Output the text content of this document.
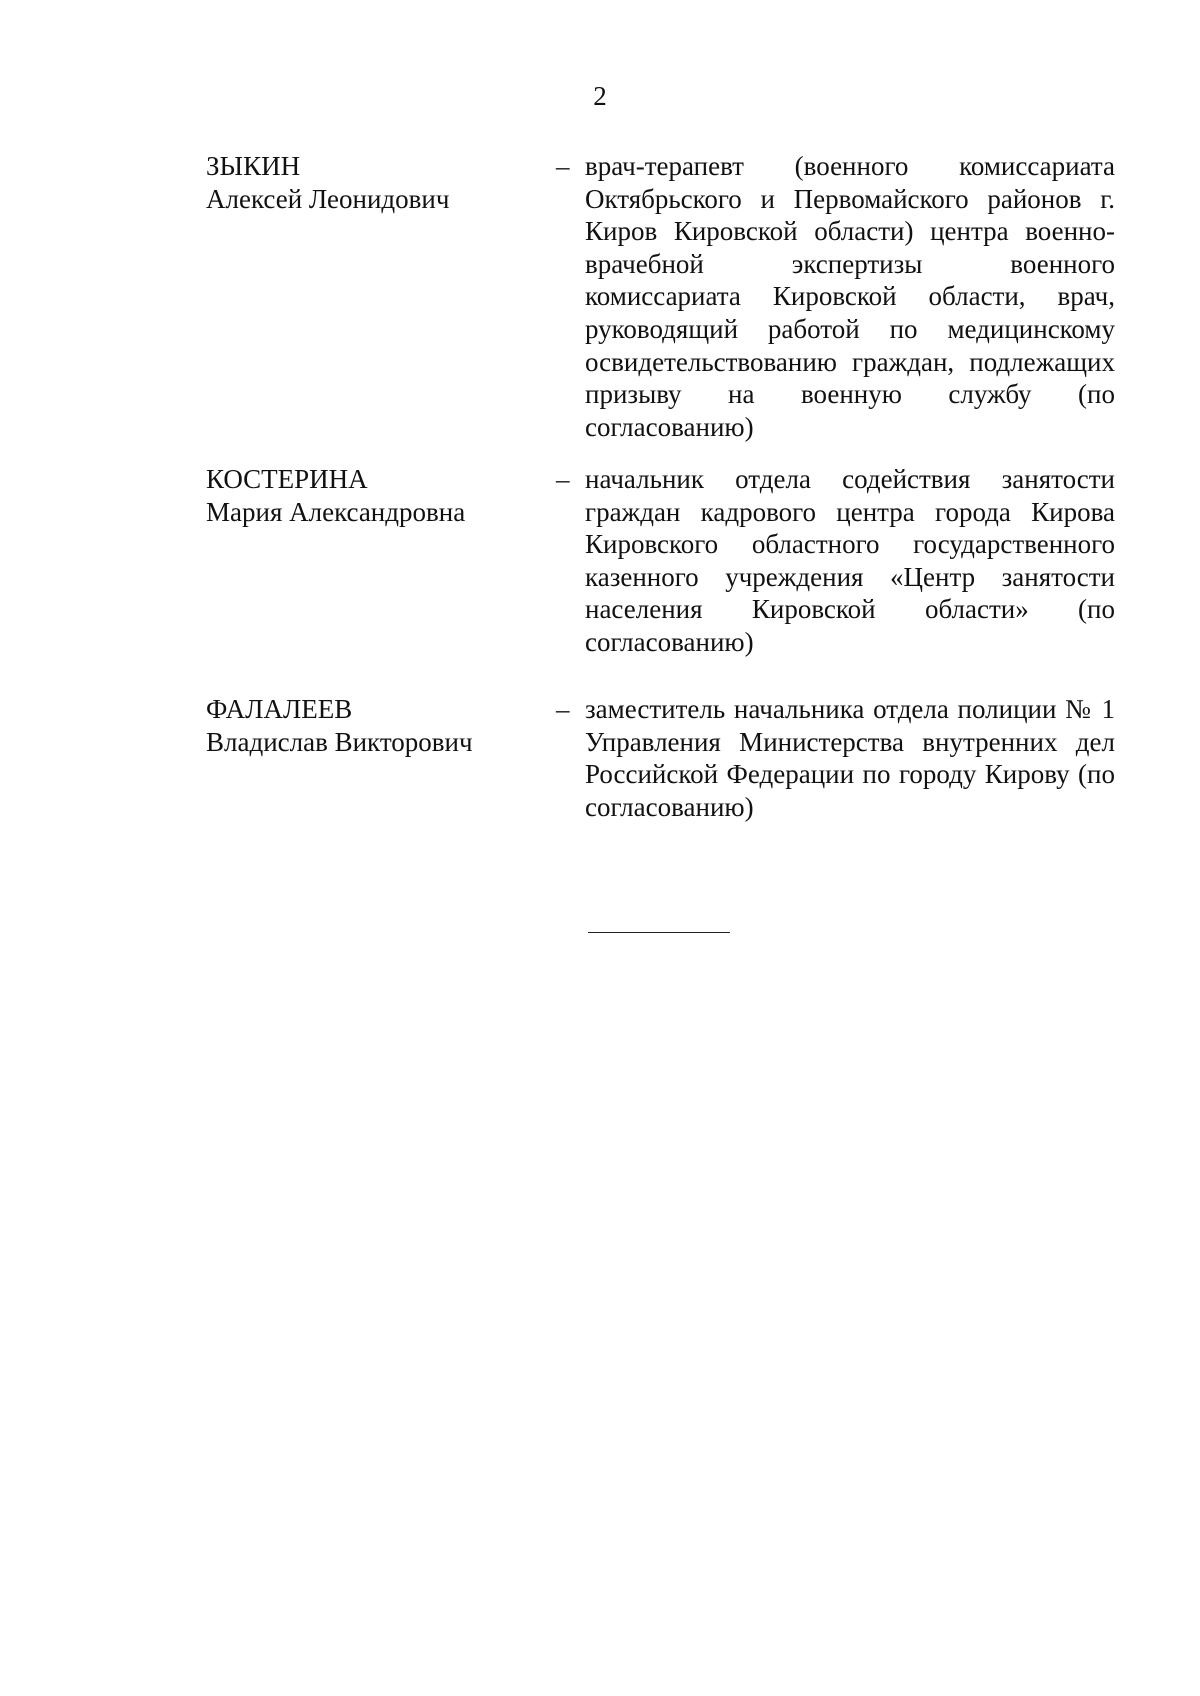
2
ЗЫКИН
Алексей Леонидович
– врач-терапевт (военного комиссариата Октябрьского и Первомайского районов г. Киров Кировской области) центра военно-врачебной экспертизы военного комиссариата Кировской области, врач, руководящий работой по медицинскому освидетельствованию граждан, подлежащих призыву на военную службу (по согласованию)
КОСТЕРИНА
Мария Александровна
– начальник отдела содействия занятости граждан кадрового центра города Кирова Кировского областного государственного казенного учреждения «Центр занятости населения Кировской области» (по согласованию)
ФАЛАЛЕЕВ
Владислав Викторович
– заместитель начальника отдела полиции № 1 Управления Министерства внутренних дел Российской Федерации по городу Кирову (по согласованию)
